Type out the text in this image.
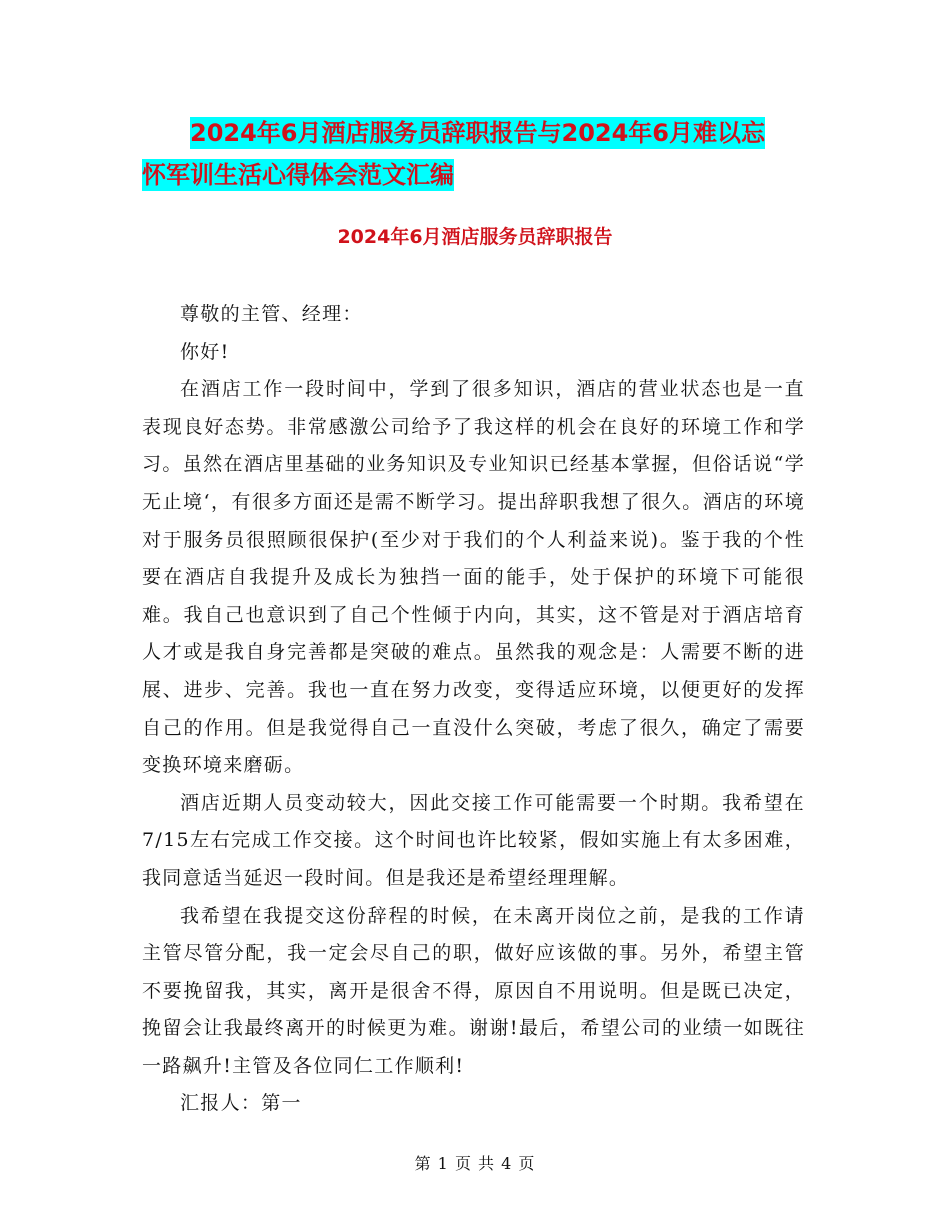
2024年6月酒店服务员辞职报告与2024年6月难以忘
怀军训生活心得体会范文汇编
2024年6月酒店服务员辞职报告

尊敬的主管、经理：

你好!

在酒店工作一段时间中，学到了很多知识，酒店的营业状态也是一直表现良好态势。非常感激公司给予了我这样的机会在良好的环境工作和学习。虽然在酒店里基础的业务知识及专业知识已经基本掌握，但俗话说“学无止境‘，有很多方面还是需不断学习。提出辞职我想了很久。酒店的环境对于服务员很照顾很保护(至少对于我们的个人利益来说)。鉴于我的个性要在酒店自我提升及成长为独挡一面的能手，处于保护的环境下可能很难。我自己也意识到了自己个性倾于内向，其实，这不管是对于酒店培育人才或是我自身完善都是突破的难点。虽然我的观念是：人需要不断的进展、进步、完善。我也一直在努力改变，变得适应环境，以便更好的发挥自己的作用。但是我觉得自己一直没什么突破，考虑了很久，确定了需要变换环境来磨砺。

酒店近期人员变动较大，因此交接工作可能需要一个时期。我希望在7/15左右完成工作交接。这个时间也许比较紧，假如实施上有太多困难，我同意适当延迟一段时间。但是我还是希望经理理解。

我希望在我提交这份辞程的时候，在未离开岗位之前，是我的工作请主管尽管分配，我一定会尽自己的职，做好应该做的事。另外，希望主管不要挽留我，其实，离开是很舍不得，原因自不用说明。但是既已决定，挽留会让我最终离开的时候更为难。谢谢!最后，希望公司的业绩一如既往一路飙升!主管及各位同仁工作顺利!

汇报人：第一

第 1 页 共 4 页
